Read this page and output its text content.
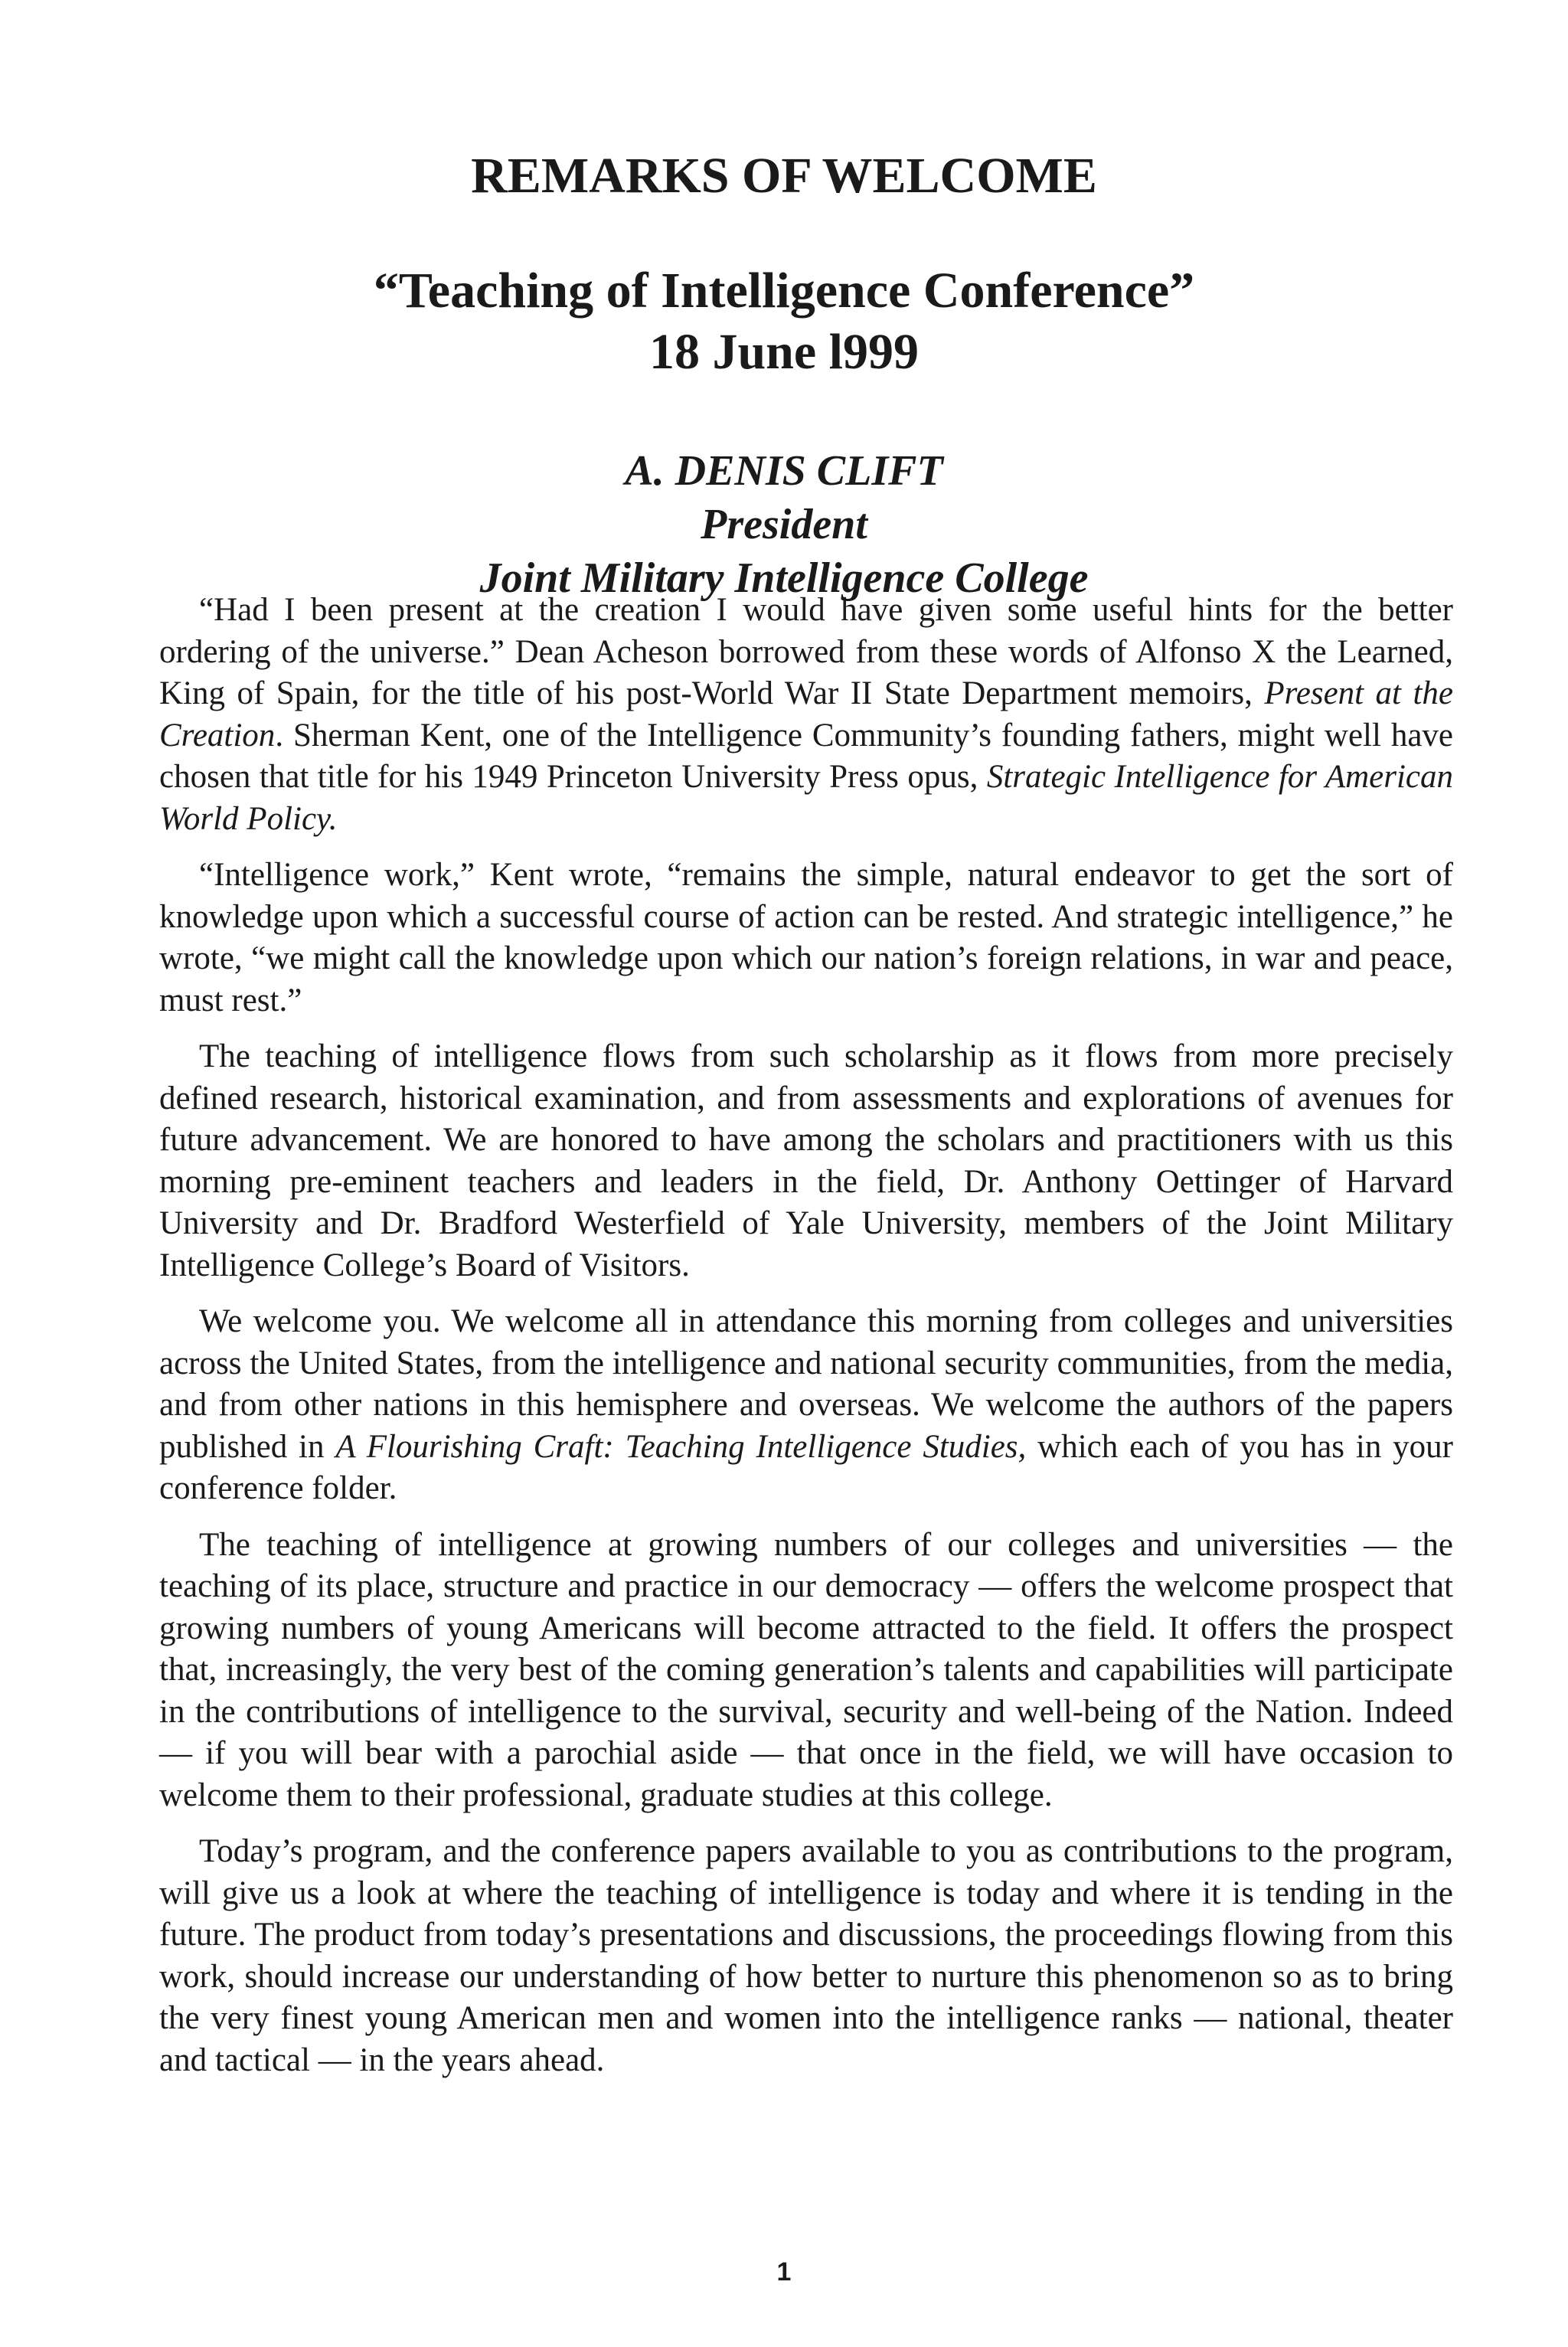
REMARKS OF WELCOME
“Teaching of Intelligence Conference”
18 June l999
A. DENIS CLIFT
President
Joint Military Intelligence College

“Had I been present at the creation I would have given some useful hints for the better ordering of the universe.” Dean Acheson borrowed from these words of Alfonso X the Learned, King of Spain, for the title of his post-World War II State Department memoirs, Present at the Creation. Sherman Kent, one of the Intelligence Community’s founding fathers, might well have chosen that title for his 1949 Princeton University Press opus, Strategic Intelligence for American World Policy.

“Intelligence work,” Kent wrote, “remains the simple, natural endeavor to get the sort of knowledge upon which a successful course of action can be rested. And strategic intelligence,” he wrote, “we might call the knowledge upon which our nation’s foreign relations, in war and peace, must rest.”

The teaching of intelligence flows from such scholarship as it flows from more precisely defined research, historical examination, and from assessments and explorations of avenues for future advancement. We are honored to have among the scholars and practitioners with us this morning pre-eminent teachers and leaders in the field, Dr. Anthony Oettinger of Harvard University and Dr. Bradford Westerfield of Yale University, members of the Joint Military Intelligence College’s Board of Visitors.

We welcome you. We welcome all in attendance this morning from colleges and universities across the United States, from the intelligence and national security communities, from the media, and from other nations in this hemisphere and overseas. We welcome the authors of the papers published in A Flourishing Craft: Teaching Intelligence Studies, which each of you has in your conference folder.

The teaching of intelligence at growing numbers of our colleges and universities — the teaching of its place, structure and practice in our democracy — offers the welcome prospect that growing numbers of young Americans will become attracted to the field. It offers the prospect that, increasingly, the very best of the coming generation’s talents and capabilities will participate in the contributions of intelligence to the survival, security and well-being of the Nation. Indeed — if you will bear with a parochial aside — that once in the field, we will have occasion to welcome them to their professional, graduate studies at this college.

Today’s program, and the conference papers available to you as contributions to the program, will give us a look at where the teaching of intelligence is today and where it is tending in the future. The product from today’s presentations and discussions, the proceedings flowing from this work, should increase our understanding of how better to nurture this phenomenon so as to bring the very finest young American men and women into the intelligence ranks — national, theater and tactical — in the years ahead.

1
